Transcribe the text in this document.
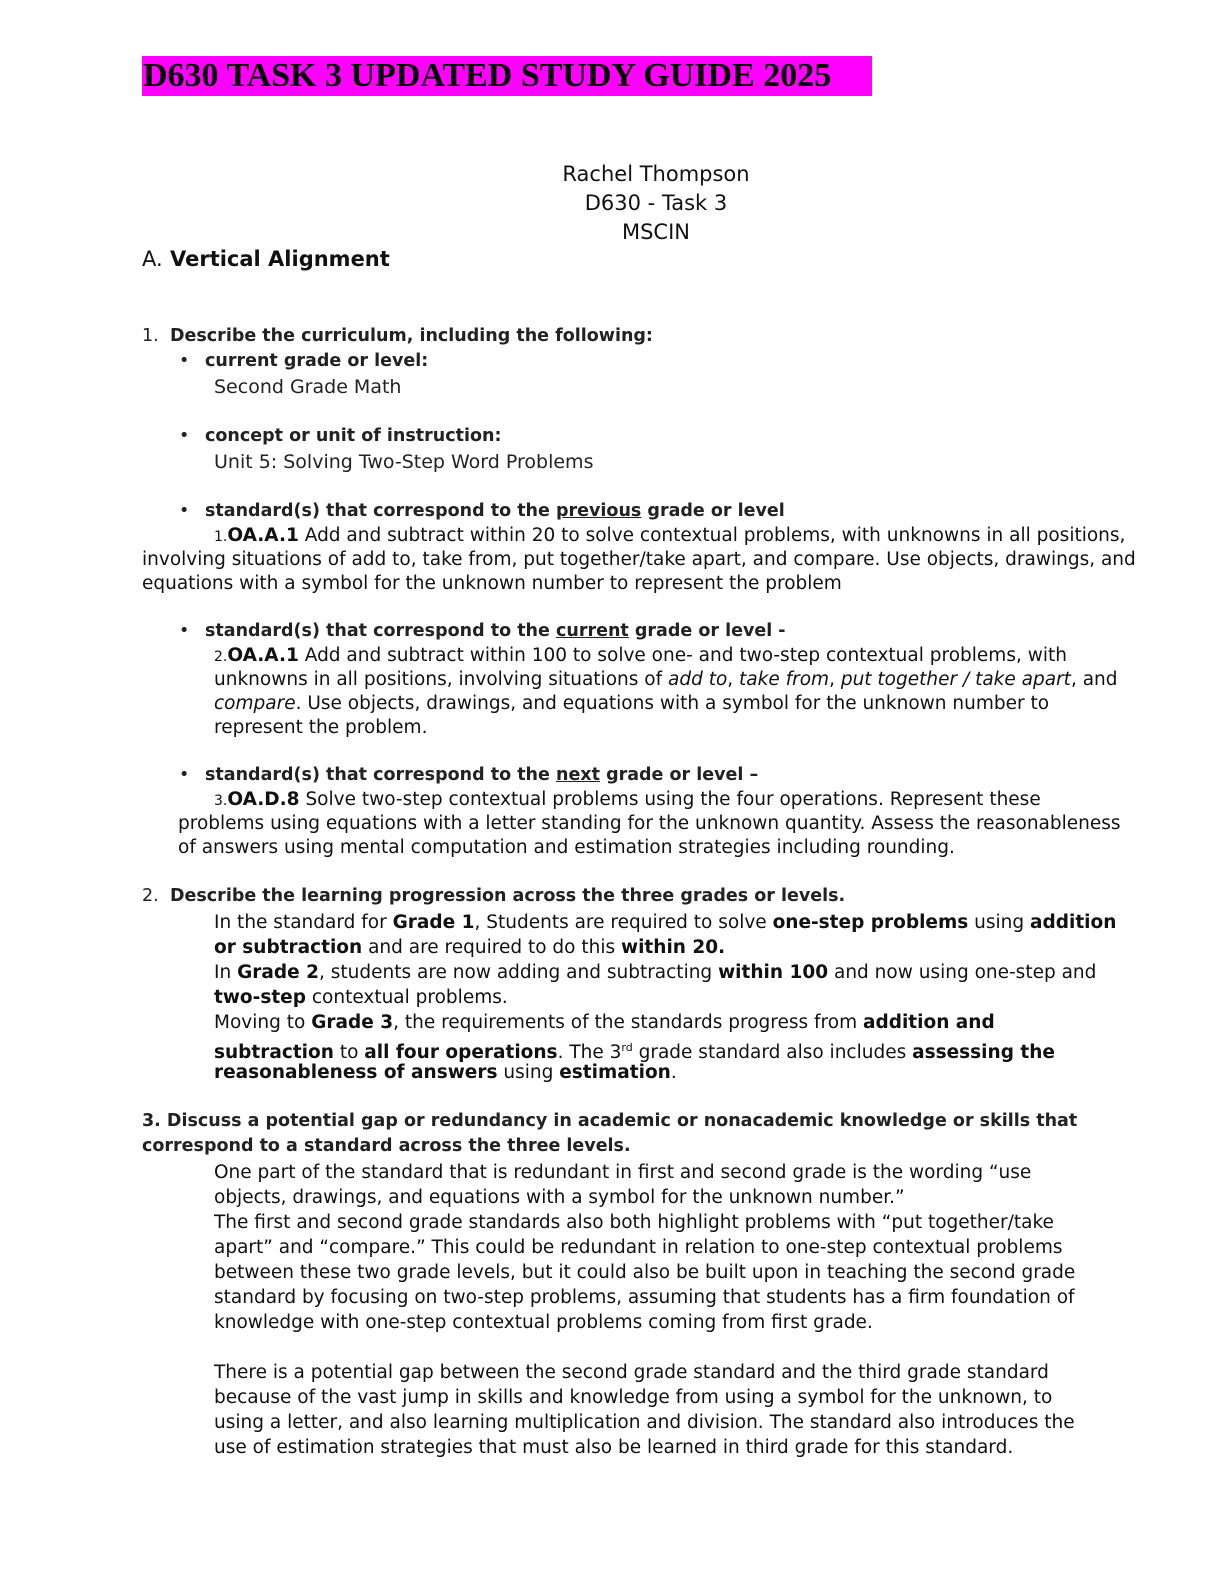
D630 TASK 3 UPDATED STUDY GUIDE 2025
Rachel Thompson
D630 - Task 3
MSCIN
A. Vertical Alignment
1. Describe the curriculum, including the following:
• current grade or level:
Second Grade Math
• concept or unit of instruction:
Unit 5: Solving Two-Step Word Problems
• standard(s) that correspond to the previous grade or level
1.OA.A.1 Add and subtract within 20 to solve contextual problems, with unknowns in all positions,
involving situations of add to, take from, put together/take apart, and compare. Use objects, drawings, and
equations with a symbol for the unknown number to represent the problem
• standard(s) that correspond to the current grade or level -
2.OA.A.1 Add and subtract within 100 to solve one- and two-step contextual problems, with
unknowns in all positions, involving situations of add to, take from, put together / take apart, and
compare. Use objects, drawings, and equations with a symbol for the unknown number to
represent the problem.
• standard(s) that correspond to the next grade or level –
3.OA.D.8 Solve two-step contextual problems using the four operations. Represent these
problems using equations with a letter standing for the unknown quantity. Assess the reasonableness
of answers using mental computation and estimation strategies including rounding.
2. Describe the learning progression across the three grades or levels.
In the standard for Grade 1, Students are required to solve one-step problems using addition
or subtraction and are required to do this within 20.
In Grade 2, students are now adding and subtracting within 100 and now using one-step and
two-step contextual problems.
Moving to Grade 3, the requirements of the standards progress from addition and
subtraction to all four operations. The 3rd grade standard also includes assessing the
reasonableness of answers using estimation.
3. Discuss a potential gap or redundancy in academic or nonacademic knowledge or skills that
correspond to a standard across the three levels.
One part of the standard that is redundant in first and second grade is the wording “use
objects, drawings, and equations with a symbol for the unknown number.”
The first and second grade standards also both highlight problems with “put together/take
apart” and “compare.” This could be redundant in relation to one-step contextual problems
between these two grade levels, but it could also be built upon in teaching the second grade
standard by focusing on two-step problems, assuming that students has a firm foundation of
knowledge with one-step contextual problems coming from first grade.
There is a potential gap between the second grade standard and the third grade standard
because of the vast jump in skills and knowledge from using a symbol for the unknown, to
using a letter, and also learning multiplication and division. The standard also introduces the
use of estimation strategies that must also be learned in third grade for this standard.
